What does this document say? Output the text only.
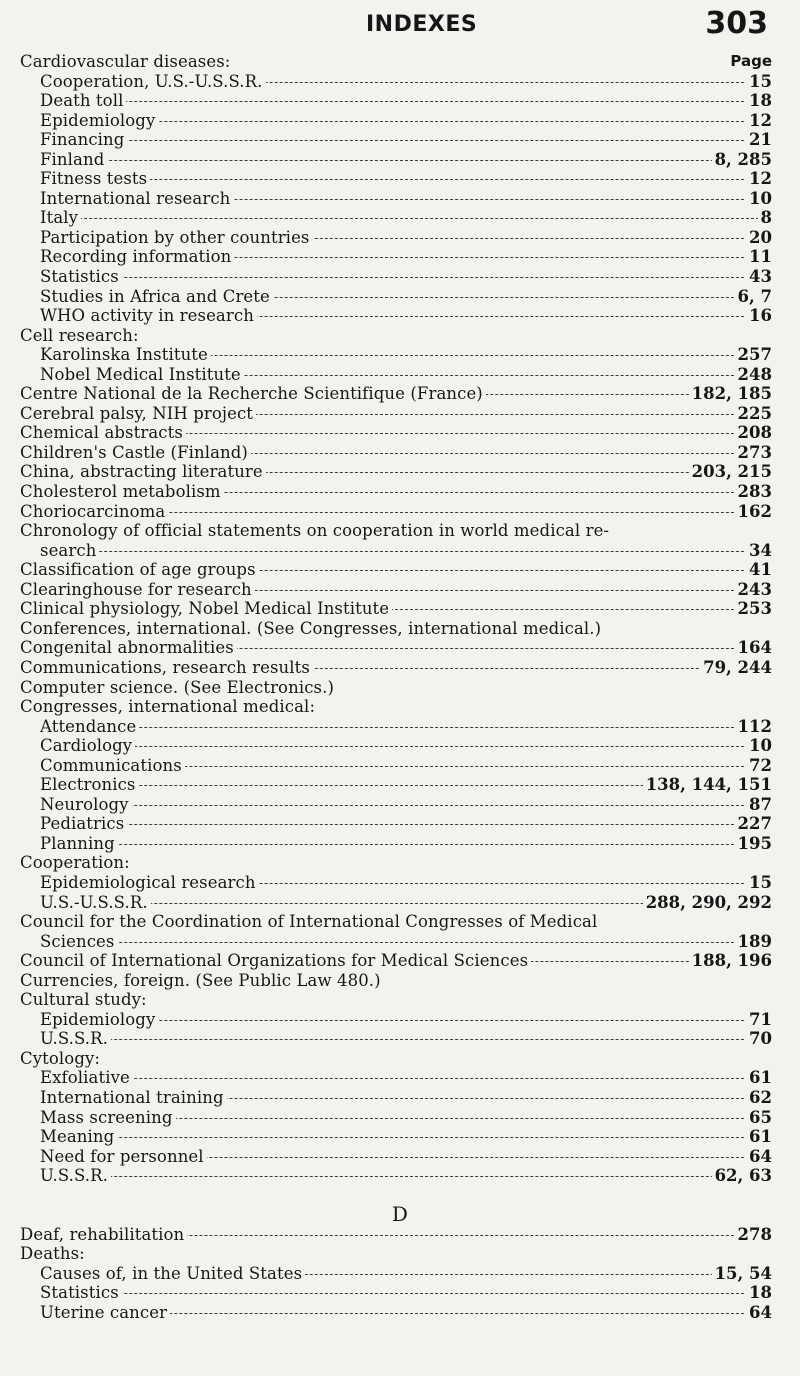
INDEXES	303
Cardiovascular diseases:	Page
Cooperation, U.S.-U.S.S.R.	15
Death toll	18
Epidemiology	12
Financing	21
Finland	8, 285
Fitness tests	12
International research	10
Italy	8
Participation by other countries	20
Recording information	11
Statistics	43
Studies in Africa and Crete	6, 7
WHO activity in research	16
Cell research:
Karolinska Institute	257
Nobel Medical Institute	248
Centre National de la Recherche Scientifique (France)	182, 185
Cerebral palsy, NIH project	225
Chemical abstracts	208
Children's Castle (Finland)	273
China, abstracting literature	203, 215
Cholesterol metabolism	283
Choriocarcinoma	162
Chronology of official statements on cooperation in world medical re-
search	34
Classification of age groups	41
Clearinghouse for research	243
Clinical physiology, Nobel Medical Institute	253
Conferences, international. (See Congresses, international medical.)
Congenital abnormalities	164
Communications, research results	79, 244
Computer science. (See Electronics.)
Congresses, international medical:
Attendance	112
Cardiology	10
Communications	72
Electronics	138, 144, 151
Neurology	87
Pediatrics	227
Planning	195
Cooperation:
Epidemiological research	15
U.S.-U.S.S.R.	288, 290, 292
Council for the Coordination of International Congresses of Medical
Sciences	189
Council of International Organizations for Medical Sciences	188, 196
Currencies, foreign. (See Public Law 480.)
Cultural study:
Epidemiology	71
U.S.S.R.	70
Cytology:
Exfoliative	61
International training	62
Mass screening	65
Meaning	61
Need for personnel	64
U.S.S.R.	62, 63
D
Deaf, rehabilitation	278
Deaths:
Causes of, in the United States	15, 54
Statistics	18
Uterine cancer	64
